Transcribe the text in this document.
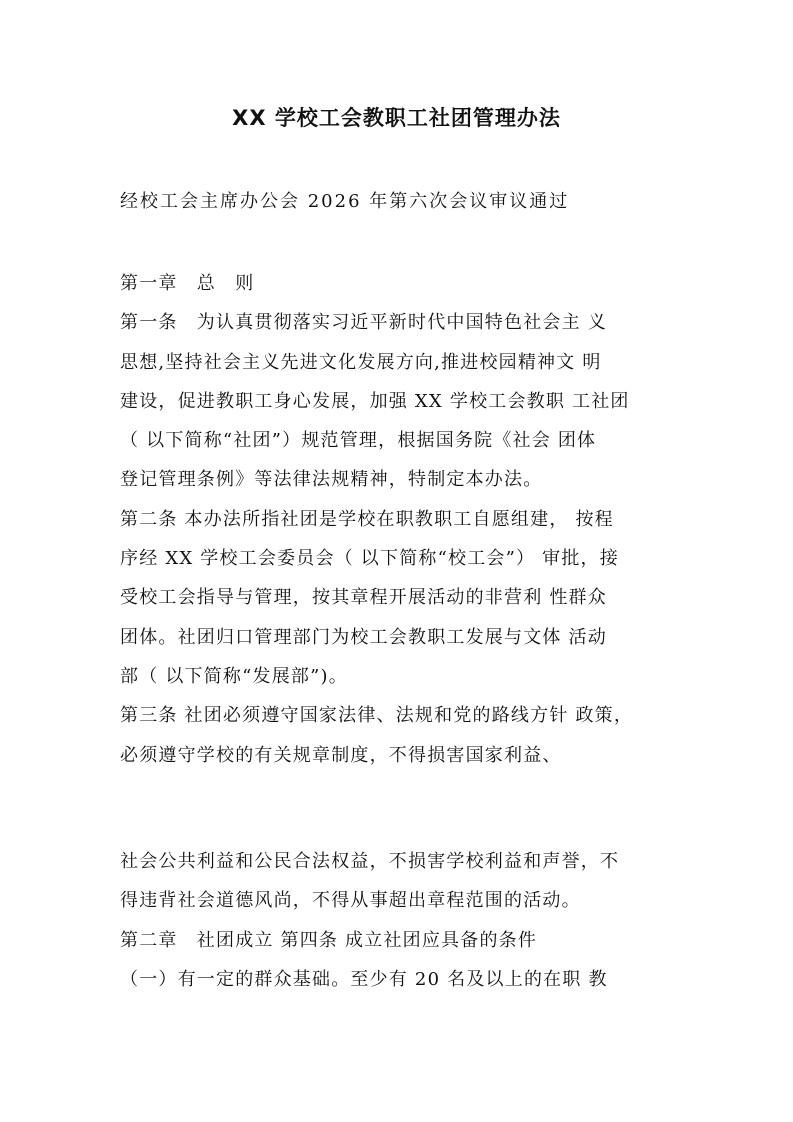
XX 学校工会教职工社团管理办法
经校工会主席办公会 2026 年第六次会议审议通过
第一章　总　则
第一条　为认真贯彻落实习近平新时代中国特色社会主 义
思想,坚持社会主义先进文化发展方向,推进校园精神文 明
建设，促进教职工身心发展，加强 XX 学校工会教职 工社团
（ 以下简称“社团”）规范管理，根据国务院《社会 团体
登记管理条例》等法律法规精神，特制定本办法。
第二条 本办法所指社团是学校在职教职工自愿组建， 按程
序经 XX 学校工会委员会（ 以下简称“校工会”） 审批，接
受校工会指导与管理，按其章程开展活动的非营利 性群众
团体。社团归口管理部门为校工会教职工发展与文体 活动
部（ 以下简称“发展部”)。
第三条 社团必须遵守国家法律、法规和党的路线方针 政策，
必须遵守学校的有关规章制度，不得损害国家利益、
社会公共利益和公民合法权益，不损害学校利益和声誉，不
得违背社会道德风尚，不得从事超出章程范围的活动。
第二章　社团成立 第四条 成立社团应具备的条件
（一）有一定的群众基础。至少有 20 名及以上的在职 教
